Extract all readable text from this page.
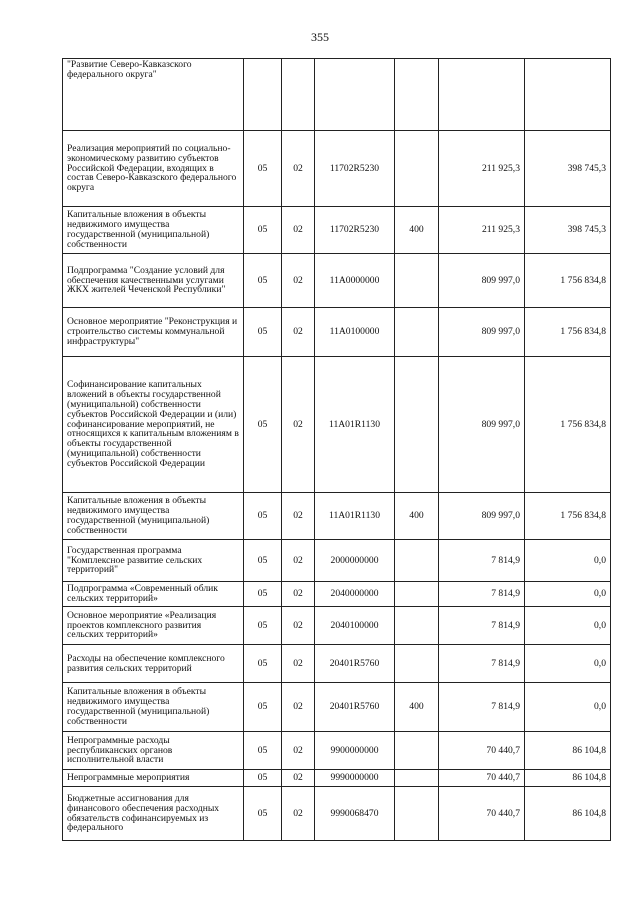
355
"Развитие Северо-Кавказского федерального округа"						
Реализация мероприятий по социально-экономическому развитию субъектов Российской Федерации, входящих в состав Северо-Кавказского федерального округа	05	02	11702R5230		211 925,3	398 745,3
Капитальные вложения в объекты недвижимого имущества государственной (муниципальной) собственности	05	02	11702R5230	400	211 925,3	398 745,3
Подпрограмма "Создание условий для обеспечения качественными услугами ЖКХ жителей Чеченской Республики"	05	02	11А0000000		809 997,0	1 756 834,8
Основное мероприятие "Реконструкция и строительство системы коммунальной инфраструктуры"	05	02	11А0100000		809 997,0	1 756 834,8
Софинансирование капитальных вложений в объекты государственной (муниципальной) собственности субъектов Российской Федерации и (или) софинансирование мероприятий, не относящихся к капитальным вложениям в объекты государственной (муниципальной) собственности субъектов Российской Федерации	05	02	11А01R1130		809 997,0	1 756 834,8
Капитальные вложения в объекты недвижимого имущества государственной (муниципальной) собственности	05	02	11А01R1130	400	809 997,0	1 756 834,8
Государственная программа "Комплексное развитие сельских территорий"	05	02	2000000000		7 814,9	0,0
Подпрограмма «Современный облик сельских территорий»	05	02	2040000000		7 814,9	0,0
Основное мероприятие «Реализация проектов комплексного развития сельских территорий»	05	02	2040100000		7 814,9	0,0
Расходы на обеспечение комплексного развития сельских территорий	05	02	20401R5760		7 814,9	0,0
Капитальные вложения в объекты недвижимого имущества государственной (муниципальной) собственности	05	02	20401R5760	400	7 814,9	0,0
Непрограммные расходы республиканских органов исполнительной власти	05	02	9900000000		70 440,7	86 104,8
Непрограммные мероприятия	05	02	9990000000		70 440,7	86 104,8
Бюджетные ассигнования для финансового обеспечения расходных обязательств софинансируемых из федерального	05	02	9990068470		70 440,7	86 104,8
